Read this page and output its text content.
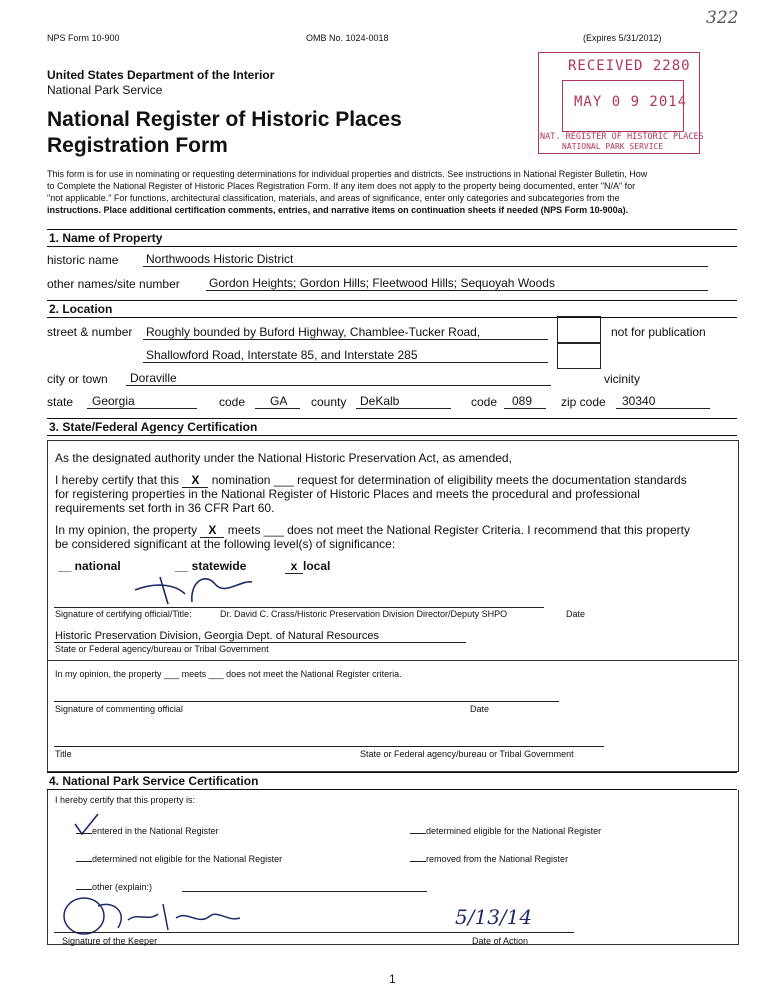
NPS Form 10-900	OMB No. 1024-0018	(Expires 5/31/2012)
322
United States Department of the Interior
National Park Service
National Register of Historic Places
Registration Form
RECEIVED 2280
MAY 0 9 2014
NAT. REGISTER OF HISTORIC PLACES
NATIONAL PARK SERVICE
This form is for use in nominating or requesting determinations for individual properties and districts. See instructions in National Register Bulletin, How
to Complete the National Register of Historic Places Registration Form. If any item does not apply to the property being documented, enter "N/A" for
"not applicable." For functions, architectural classification, materials, and areas of significance, enter only categories and subcategories from the
instructions. Place additional certification comments, entries, and narrative items on continuation sheets if needed (NPS Form 10-900a).
1. Name of Property
historic name Northwoods Historic District
other names/site number Gordon Heights; Gordon Hills; Fleetwood Hills; Sequoyah Woods
2. Location
street & number Roughly bounded by Buford Highway, Chamblee-Tucker Road,
Shallowford Road, Interstate 85, and Interstate 285
not for publication
city or town Doraville	vicinity
state Georgia	code GA county DeKalb	code 089 zip code 30340
3. State/Federal Agency Certification
As the designated authority under the National Historic Preservation Act, as amended,
I hereby certify that this X nomination ___ request for determination of eligibility meets the documentation standards
for registering properties in the National Register of Historic Places and meets the procedural and professional
requirements set forth in 36 CFR Part 60.
In my opinion, the property X meets ___ does not meet the National Register Criteria. I recommend that this property
be considered significant at the following level(s) of significance:
__ national	__ statewide	x local
Signature of certifying official/Title:	Dr. David C. Crass/Historic Preservation Division Director/Deputy SHPO	Date
Historic Preservation Division, Georgia Dept. of Natural Resources
State or Federal agency/bureau or Tribal Government
In my opinion, the property ___ meets ___ does not meet the National Register criteria.
Signature of commenting official	Date
Title	State or Federal agency/bureau or Tribal Government
4. National Park Service Certification
I hereby certify that this property is:
entered in the National Register	determined eligible for the National Register
determined not eligible for the National Register	removed from the National Register
other (explain:)
Signature of the Keeper
5/13/14
Date of Action
1
